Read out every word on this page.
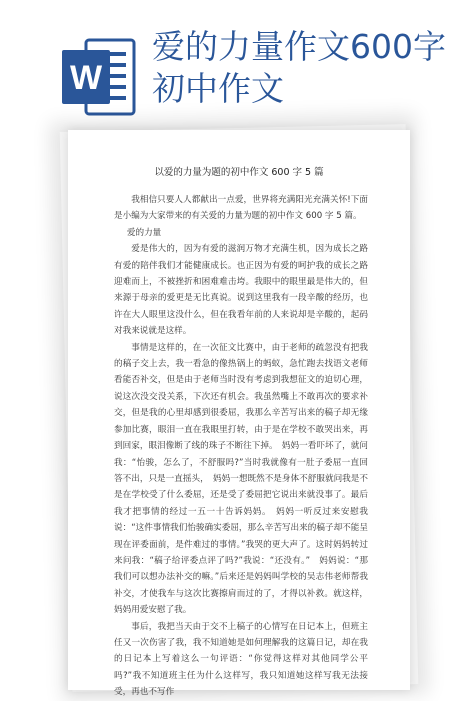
W
爱的力量作文600字初中作文
以爱的力量为题的初中作文 600 字 5 篇

我相信只要人人都献出一点爱，世界将充满阳光充满关怀!下面是小编为大家带来的有关爱的力量为题的初中作文 600 字 5 篇。

爱的力量

爱是伟大的，因为有爱的滋润万物才充满生机，因为成长之路有爱的陪伴我们才能健康成长。也正因为有爱的呵护我的成长之路迎难而上，不被挫折和困难难击垮。我眼中的眼里最是伟大的，但来源于母亲的爱更是无比真说。说到这里我有一段辛酸的经历，也许在大人眼里这没什么，但在我看年前的人来说却是辛酸的，起码对我来说就是这样。

事情是这样的，在一次征文比赛中，由于老师的疏忽没有把我的稿子交上去，我一看急的像热锅上的蚂蚁，急忙跑去找语文老师看能否补交，但是由于老师当时没有考虑到我想征文的迫切心理，说这次没交没关系，下次还有机会。我虽然嘴上不敢再次的要求补交，但是我的心里却感到很委屈，我那么辛苦写出来的稿子却无缘参加比赛，眼泪一直在我眼里打转，由于是在学校不敢哭出来，再到回家，眼泪像断了线的珠子不断往下掉。　妈妈一看吓坏了，就问我：“怡骏，怎么了，不舒服吗?”当时我就像有一肚子委屈一直回答不出，只是一直摇头，　妈妈一想既然不是身体不舒服就问我是不是在学校受了什么委屈，还是受了委屈把它说出来就没事了。最后我才把事情的经过一五一十告诉妈妈。　妈妈一听反过来安慰我说：“这件事情我们怡骏确实委屈，那么辛苦写出来的稿子却不能呈现在评委面前，是件难过的事情。”我哭的更大声了。这时妈妈转过来问我：“稿子给评委点评了吗?”我说：“还没有。”　妈妈说：“那我们可以想办法补交的嘛。”后来还是妈妈叫学校的吴志伟老师帮我补交，才使我车与这次比赛擦肩而过的了，才得以补救。就这样，妈妈用爱安慰了我。

事后，我把当天由于交不上稿子的心情写在日记本上，但班主任又一次伤害了我，我不知道她是如何理解我的这篇日记，却在我的日记本上写着这么一句评语：“你觉得这样对其他同学公平吗?”我不知道班主任为什么这样写，我只知道她这样写我无法接受，再也不写作
